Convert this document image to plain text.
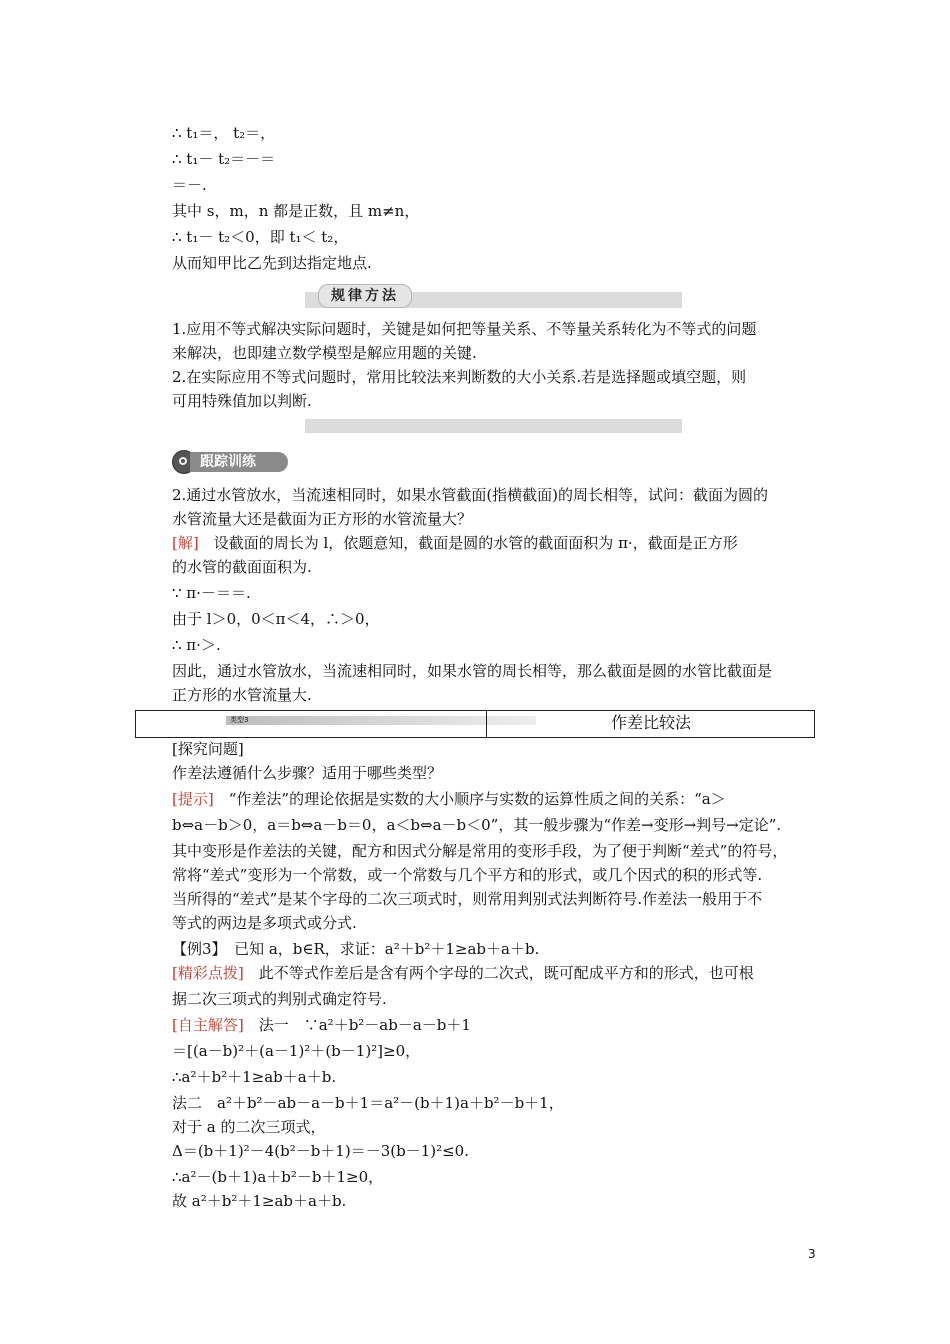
∴ t₁＝， t₂＝，
∴ t₁－ t₂＝－＝
＝－.
其中 s，m，n 都是正数，且 m≠n，
∴ t₁－ t₂＜0，即 t₁＜ t₂，
从而知甲比乙先到达指定地点.
规律方法
1.应用不等式解决实际问题时，关键是如何把等量关系、不等量关系转化为不等式的问题
来解决，也即建立数学模型是解应用题的关键.
2.在实际应用不等式问题时，常用比较法来判断数的大小关系.若是选择题或填空题，则
可用特殊值加以判断.
跟踪训练
2.通过水管放水，当流速相同时，如果水管截面(指横截面)的周长相等，试问：截面为圆的
水管流量大还是截面为正方形的水管流量大？
[解]　 设截面的周长为 l，依题意知，截面是圆的水管的截面面积为 π·，截面是正方形
的水管的截面面积为.
∵ π·－＝＝.
由于 l＞0，0＜π＜4，∴＞0，
∴ π·＞.
因此，通过水管放水，当流速相同时，如果水管的周长相等，那么截面是圆的水管比截面是
正方形的水管流量大.
类型3	作差比较法
[探究问题]
作差法遵循什么步骤？适用于哪些类型？
[提示]　 “作差法”的理论依据是实数的大小顺序与实数的运算性质之间的关系：“a＞
b⇔a－b＞0，a＝b⇔a－b＝0，a＜b⇔a－b＜0”，其一般步骤为“作差→变形→判号→定论”.
其中变形是作差法的关键，配方和因式分解是常用的变形手段，为了便于判断“差式”的符号，
常将“差式”变形为一个常数，或一个常数与几个平方和的形式，或几个因式的积的形式等.
当所得的“差式”是某个字母的二次三项式时，则常用判别式法判断符号.作差法一般用于不
等式的两边是多项式或分式.
【例3】　 已知 a，b∈R，求证：a²＋b²＋1≥ab＋a＋b.
[精彩点拨]　 此不等式作差后是含有两个字母的二次式，既可配成平方和的形式，也可根
据二次三项式的判别式确定符号.
[自主解答]　 法一　∵a²＋b²－ab－a－b＋1
＝[(a－b)²＋(a－1)²＋(b－1)²]≥0，
∴a²＋b²＋1≥ab＋a＋b.
法二　a²＋b²－ab－a－b＋1＝a²－(b＋1)a＋b²－b＋1，
对于 a 的二次三项式，
Δ＝(b＋1)²－4(b²－b＋1)＝－3(b－1)²≤0.
∴a²－(b＋1)a＋b²－b＋1≥0，
故 a²＋b²＋1≥ab＋a＋b.
3
